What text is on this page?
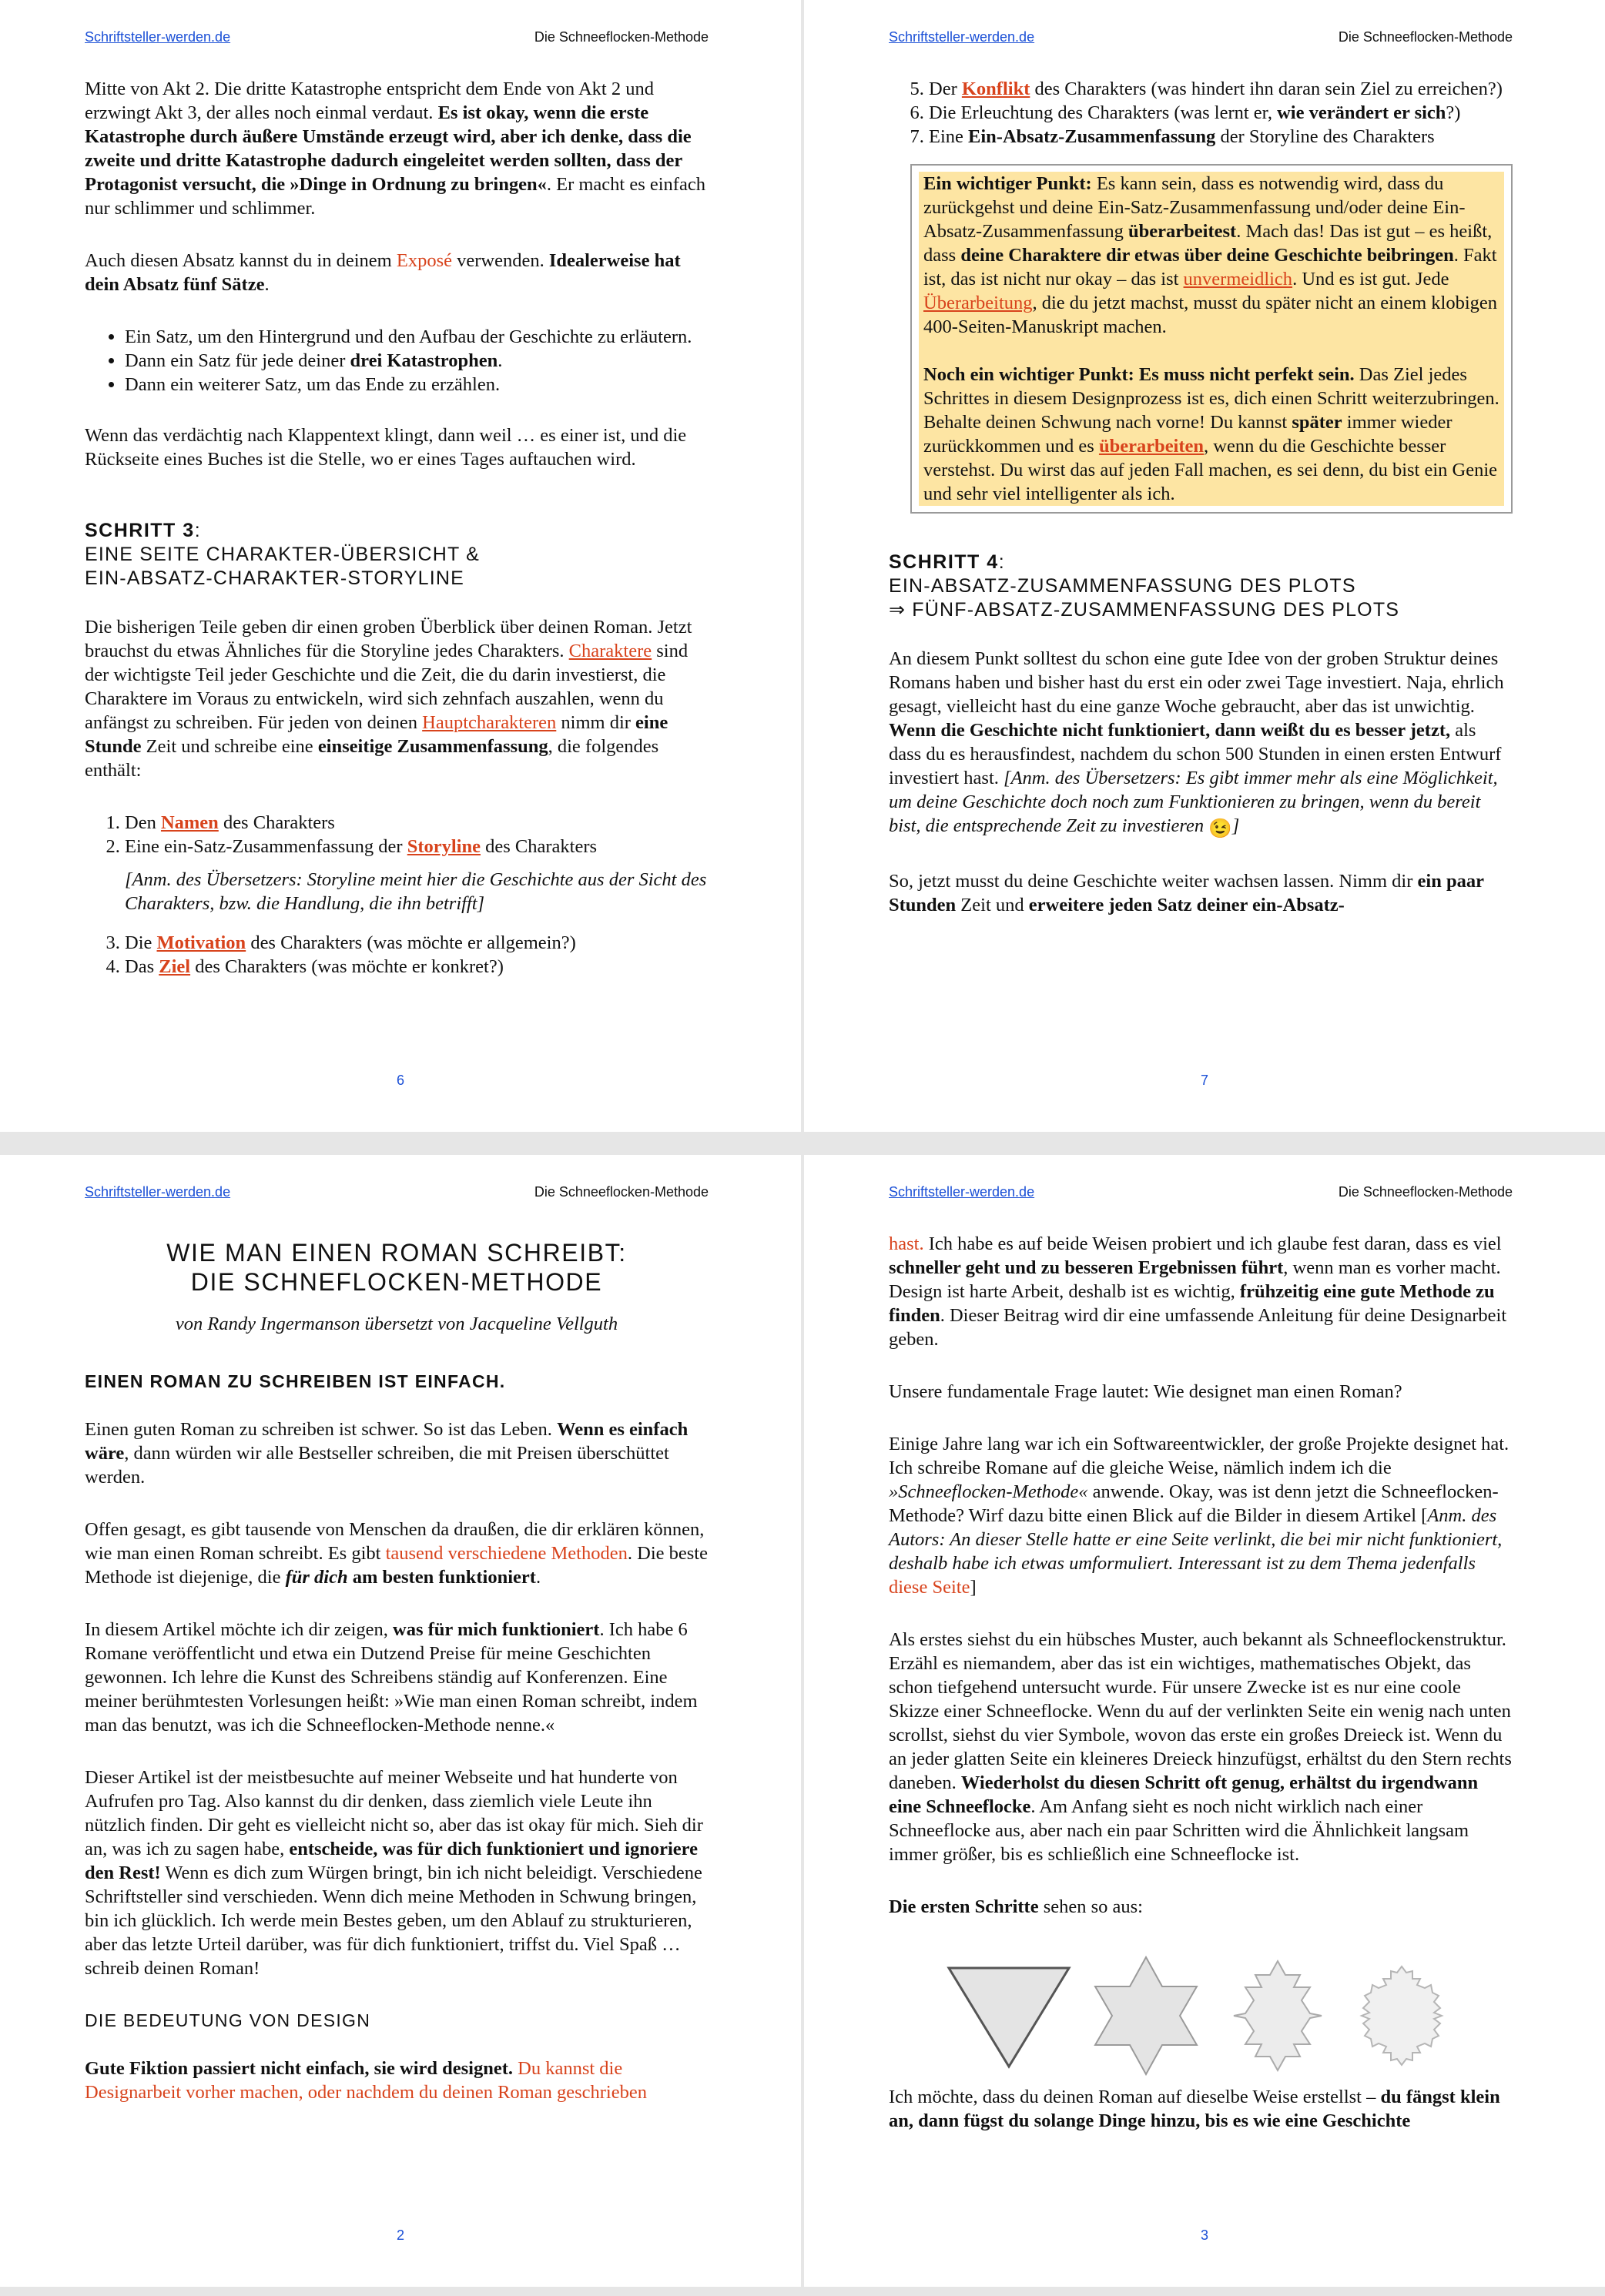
Schriftsteller-werden.de	Die Schneeflocken-Methode

Mitte von Akt 2. Die dritte Katastrophe entspricht dem Ende von Akt 2 und erzwingt Akt 3, der alles noch einmal verdaut. Es ist okay, wenn die erste Katastrophe durch äußere Umstände erzeugt wird, aber ich denke, dass die zweite und dritte Katastrophe dadurch eingeleitet werden sollten, dass der Protagonist versucht, die »Dinge in Ordnung zu bringen«. Er macht es einfach nur schlimmer und schlimmer.

Auch diesen Absatz kannst du in deinem Exposé verwenden. Idealerweise hat dein Absatz fünf Sätze.

• Ein Satz, um den Hintergrund und den Aufbau der Geschichte zu erläutern.
• Dann ein Satz für jede deiner drei Katastrophen.
• Dann ein weiterer Satz, um das Ende zu erzählen.

Wenn das verdächtig nach Klappentext klingt, dann weil … es einer ist, und die Rückseite eines Buches ist die Stelle, wo er eines Tages auftauchen wird.

SCHRITT 3:
EINE SEITE CHARAKTER-ÜBERSICHT &
EIN-ABSATZ-CHARAKTER-STORYLINE

Die bisherigen Teile geben dir einen groben Überblick über deinen Roman. Jetzt brauchst du etwas Ähnliches für die Storyline jedes Charakters. Charaktere sind der wichtigste Teil jeder Geschichte und die Zeit, die du darin investierst, die Charaktere im Voraus zu entwickeln, wird sich zehnfach auszahlen, wenn du anfängst zu schreiben. Für jeden von deinen Hauptcharakteren nimm dir eine Stunde Zeit und schreibe eine einseitige Zusammenfassung, die folgendes enthält:

1. Den Namen des Charakters
2. Eine ein-Satz-Zusammenfassung der Storyline des Charakters
[Anm. des Übersetzers: Storyline meint hier die Geschichte aus der Sicht des Charakters, bzw. die Handlung, die ihn betrifft]
3. Die Motivation des Charakters (was möchte er allgemein?)
4. Das Ziel des Charakters (was möchte er konkret?)
6
Schriftsteller-werden.de	Die Schneeflocken-Methode
5. Der Konflikt des Charakters (was hindert ihn daran sein Ziel zu erreichen?)
6. Die Erleuchtung des Charakters (was lernt er, wie verändert er sich?)
7. Eine Ein-Absatz-Zusammenfassung der Storyline des Charakters

Ein wichtiger Punkt: Es kann sein, dass es notwendig wird, dass du zurückgehst und deine Ein-Satz-Zusammenfassung und/oder deine Ein-Absatz-Zusammenfassung überarbeitest. Mach das! Das ist gut – es heißt, dass deine Charaktere dir etwas über deine Geschichte beibringen. Fakt ist, das ist nicht nur okay – das ist unvermeidlich. Und es ist gut. Jede Überarbeitung, die du jetzt machst, musst du später nicht an einem klobigen 400-Seiten-Manuskript machen.

Noch ein wichtiger Punkt: Es muss nicht perfekt sein. Das Ziel jedes Schrittes in diesem Designprozess ist es, dich einen Schritt weiterzubringen. Behalte deinen Schwung nach vorne! Du kannst später immer wieder zurückkommen und es überarbeiten, wenn du die Geschichte besser verstehst. Du wirst das auf jeden Fall machen, es sei denn, du bist ein Genie und sehr viel intelligenter als ich.

SCHRITT 4:
EIN-ABSATZ-ZUSAMMENFASSUNG DES PLOTS
⇒ FÜNF-ABSATZ-ZUSAMMENFASSUNG DES PLOTS

An diesem Punkt solltest du schon eine gute Idee von der groben Struktur deines Romans haben und bisher hast du erst ein oder zwei Tage investiert. Naja, ehrlich gesagt, vielleicht hast du eine ganze Woche gebraucht, aber das ist unwichtig. Wenn die Geschichte nicht funktioniert, dann weißt du es besser jetzt, als dass du es herausfindest, nachdem du schon 500 Stunden in einen ersten Entwurf investiert hast. [Anm. des Übersetzers: Es gibt immer mehr als eine Möglichkeit, um deine Geschichte doch noch zum Funktionieren zu bringen, wenn du bereit bist, die entsprechende Zeit zu investieren 😉]

So, jetzt musst du deine Geschichte weiter wachsen lassen. Nimm dir ein paar Stunden Zeit und erweitere jeden Satz deiner ein-Absatz-

7
Schriftsteller-werden.de	Die Schneeflocken-Methode
WIE MAN EINEN ROMAN SCHREIBT:
DIE SCHNEFLOCKEN-METHODE
von Randy Ingermanson übersetzt von Jacqueline Vellguth
EINEN ROMAN ZU SCHREIBEN IST EINFACH.

Einen guten Roman zu schreiben ist schwer. So ist das Leben. Wenn es einfach wäre, dann würden wir alle Bestseller schreiben, die mit Preisen überschüttet werden.

Offen gesagt, es gibt tausende von Menschen da draußen, die dir erklären können, wie man einen Roman schreibt. Es gibt tausend verschiedene Methoden. Die beste Methode ist diejenige, die für dich am besten funktioniert.

In diesem Artikel möchte ich dir zeigen, was für mich funktioniert. Ich habe 6 Romane veröffentlicht und etwa ein Dutzend Preise für meine Geschichten gewonnen. Ich lehre die Kunst des Schreibens ständig auf Konferenzen. Eine meiner berühmtesten Vorlesungen heißt: »Wie man einen Roman schreibt, indem man das benutzt, was ich die Schneeflocken-Methode nenne.«

Dieser Artikel ist der meistbesuchte auf meiner Webseite und hat hunderte von Aufrufen pro Tag. Also kannst du dir denken, dass ziemlich viele Leute ihn nützlich finden. Dir geht es vielleicht nicht so, aber das ist okay für mich. Sieh dir an, was ich zu sagen habe, entscheide, was für dich funktioniert und ignoriere den Rest! Wenn es dich zum Würgen bringt, bin ich nicht beleidigt. Verschiedene Schriftsteller sind verschieden. Wenn dich meine Methoden in Schwung bringen, bin ich glücklich. Ich werde mein Bestes geben, um den Ablauf zu strukturieren, aber das letzte Urteil darüber, was für dich funktioniert, triffst du. Viel Spaß … schreib deinen Roman!

DIE BEDEUTUNG VON DESIGN

Gute Fiktion passiert nicht einfach, sie wird designet. Du kannst die Designarbeit vorher machen, oder nachdem du deinen Roman geschrieben

2
Schriftsteller-werden.de	Die Schneeflocken-Methode

hast. Ich habe es auf beide Weisen probiert und ich glaube fest daran, dass es viel schneller geht und zu besseren Ergebnissen führt, wenn man es vorher macht. Design ist harte Arbeit, deshalb ist es wichtig, frühzeitig eine gute Methode zu finden. Dieser Beitrag wird dir eine umfassende Anleitung für deine Designarbeit geben.

Unsere fundamentale Frage lautet: Wie designet man einen Roman?

Einige Jahre lang war ich ein Softwareentwickler, der große Projekte designet hat. Ich schreibe Romane auf die gleiche Weise, nämlich indem ich die »Schneeflocken-Methode« anwende. Okay, was ist denn jetzt die Schneeflocken-Methode? Wirf dazu bitte einen Blick auf die Bilder in diesem Artikel [Anm. des Autors: An dieser Stelle hatte er eine Seite verlinkt, die bei mir nicht funktioniert, deshalb habe ich etwas umformuliert. Interessant ist zu dem Thema jedenfalls diese Seite]

Als erstes siehst du ein hübsches Muster, auch bekannt als Schneeflockenstruktur. Erzähl es niemandem, aber das ist ein wichtiges, mathematisches Objekt, das schon tiefgehend untersucht wurde. Für unsere Zwecke ist es nur eine coole Skizze einer Schneeflocke. Wenn du auf der verlinkten Seite ein wenig nach unten scrollst, siehst du vier Symbole, wovon das erste ein großes Dreieck ist. Wenn du an jeder glatten Seite ein kleineres Dreieck hinzufügst, erhältst du den Stern rechts daneben. Wiederholst du diesen Schritt oft genug, erhältst du irgendwann eine Schneeflocke. Am Anfang sieht es noch nicht wirklich nach einer Schneeflocke aus, aber nach ein paar Schritten wird die Ähnlichkeit langsam immer größer, bis es schließlich eine Schneeflocke ist.

Die ersten Schritte sehen so aus:

Ich möchte, dass du deinen Roman auf dieselbe Weise erstellst – du fängst klein an, dann fügst du solange Dinge hinzu, bis es wie eine Geschichte

3
